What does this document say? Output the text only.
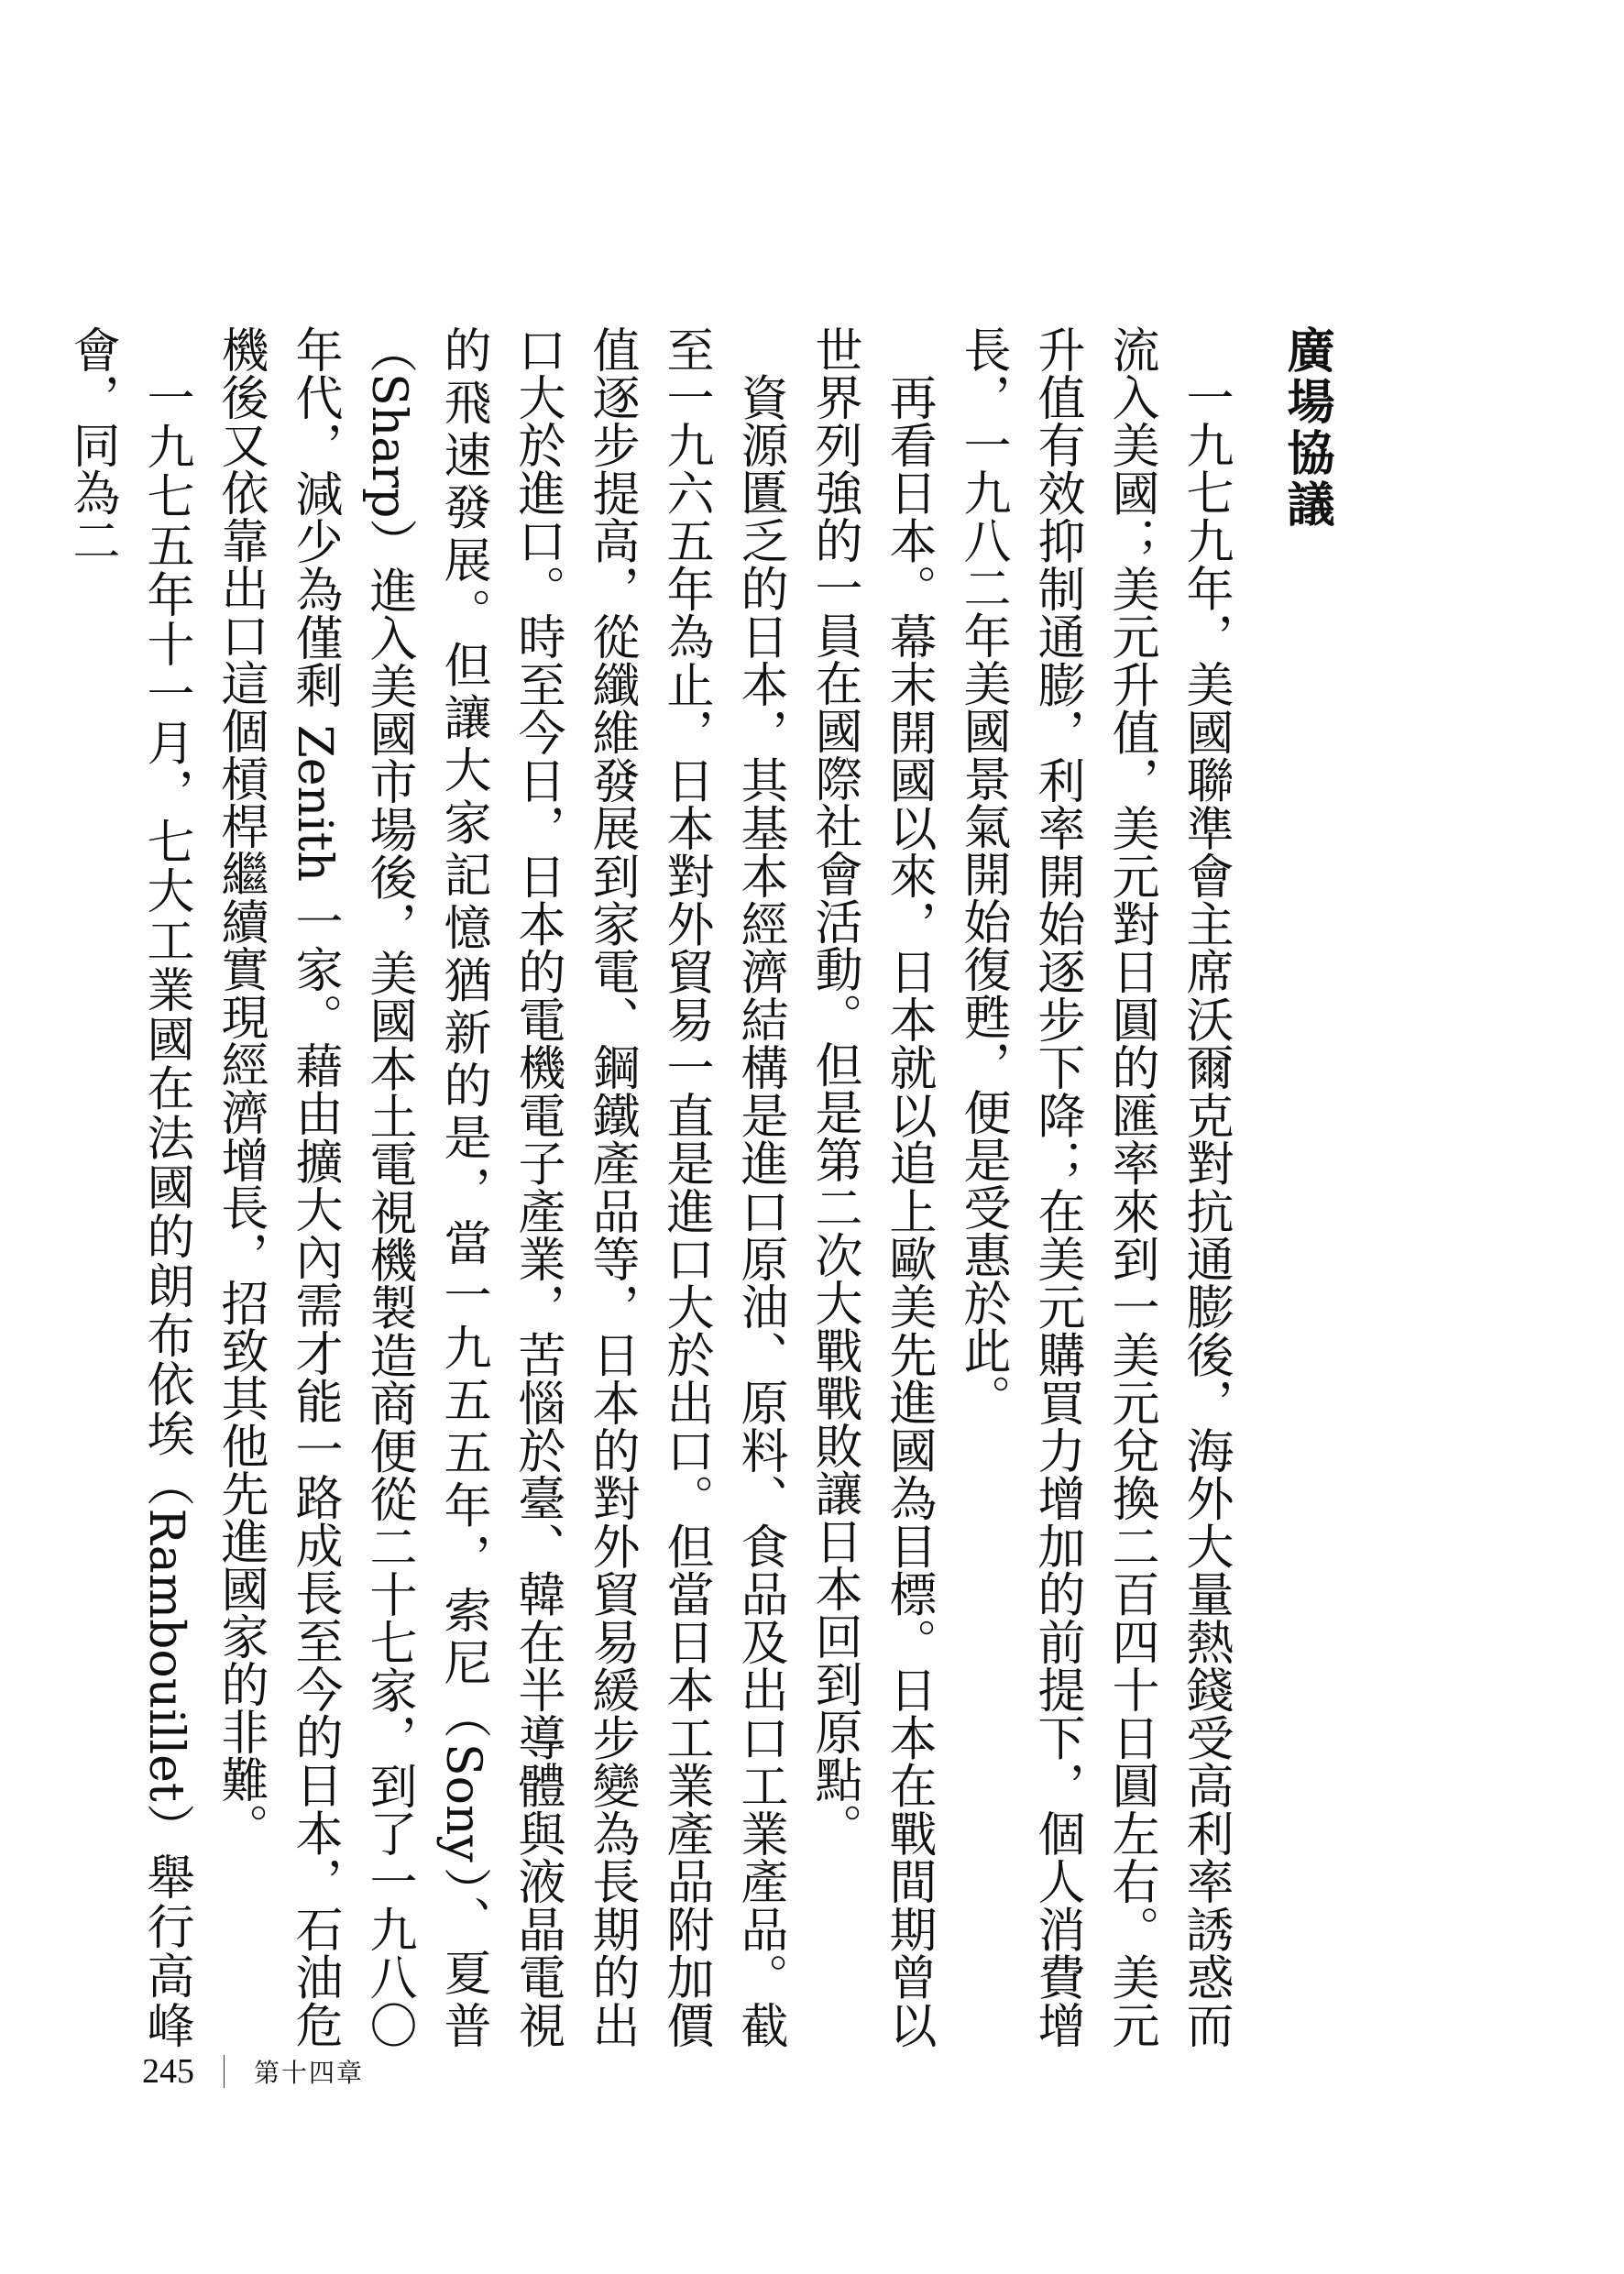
廣場協議

一九七九年，美國聯準會主席沃爾克對抗通膨後，海外大量熱錢受高利率誘惑而流入美國；美元升值，美元對日圓的匯率來到一美元兌換二百四十日圓左右。美元升值有效抑制通膨，利率開始逐步下降；在美元購買力增加的前提下，個人消費增長，一九八二年美國景氣開始復甦，便是受惠於此。

再看日本。幕末開國以來，日本就以追上歐美先進國為目標。日本在戰間期曾以世界列強的一員在國際社會活動。但是第二次大戰戰敗讓日本回到原點。

資源匱乏的日本，其基本經濟結構是進口原油、原料、食品及出口工業產品。截至一九六五年為止，日本對外貿易一直是進口大於出口。但當日本工業產品附加價值逐步提高，從纖維發展到家電、鋼鐵產品等，日本的對外貿易緩步變為長期的出口大於進口。時至今日，日本的電機電子產業，苦惱於臺、韓在半導體與液晶電視的飛速發展。但讓大家記憶猶新的是，當一九五五年，索尼（Sony）、夏普（Sharp）進入美國市場後，美國本土電視機製造商便從二十七家，到了一九八〇年代，減少為僅剩 Zenith 一家。藉由擴大內需才能一路成長至今的日本，石油危機後又依靠出口這個槓桿繼續實現經濟增長，招致其他先進國家的非難。

一九七五年十一月，七大工業國在法國的朗布依埃（Rambouillet）舉行高峰會，同為二

245 第十四章
